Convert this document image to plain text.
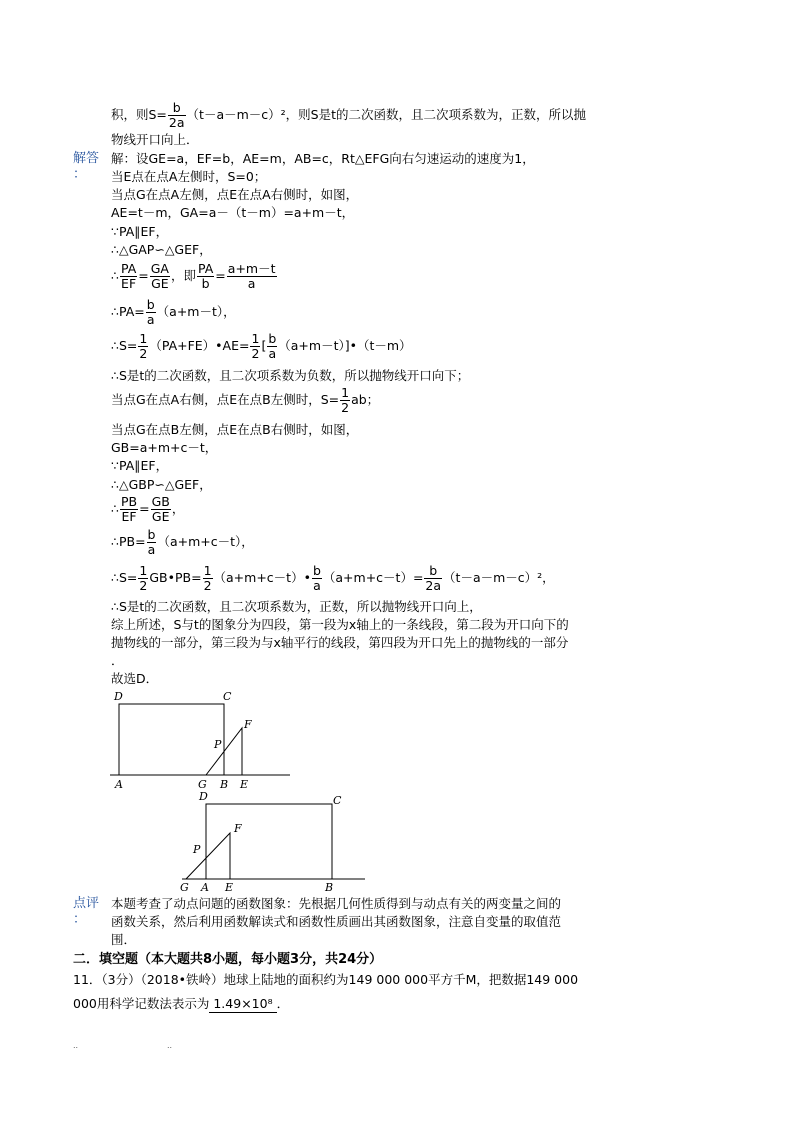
积，则$S= \frac{b}{2a} (t-a-m-c)^2$，则S是t的二次函数，且二次项系数为，正数，所以抛
物线开口向上．
解答
：
解：设GE=a，EF=b，AE=m，AB=c，Rt△EFG向右匀速运动的速度为1，
当E点在点A左侧时，S=0；
当点G在点A左侧，点E在点A右侧时，如图，
AE=t－m，GA=a－（t－m）=a+m－t，
∵PA∥EF，
∴△GAP∽△GEF，
∴ $\frac{PA}{EF} = \frac{GA}{GE}$ ，即 $\frac{PA}{b} = \frac{a+m-t}{a}$
∴PA= $\frac{b}{a} (a+m-t)$，
∴S= $\frac{1}{2}$ （PA+FE）•AE= $\frac{1}{2}$ [ $\frac{b}{a}$ （a+m－t）]•（t－m）
∴S是t的二次函数，且二次项系数为负数，所以抛物线开口向下；
当点G在点A右侧，点E在点B左侧时，$S= \frac{1}{2}$ ab；
当点G在点B左侧，点E在点B右侧时，如图，
GB=a+m+c－t，
∵PA∥EF，
∴△GBP∽△GEF，
∴ $\frac{PB}{EF} = \frac{GB}{GE}$ ，
∴PB= $\frac{b}{a} (a+m+c-t)$，
∴S= $\frac{1}{2}$ GB•PB= $\frac{1}{2}$ （a+m+c－t）• $\frac{b}{a} (a+m+c-t)= \frac{b}{2a} (t-a-m-c)^2$，
∴S是t的二次函数，且二次项系数为，正数，所以抛物线开口向上，
综上所述，S与t的图象分为四段，第一段为x轴上的一条线段，第二段为开口向下的
抛物线的一部分，第三段为与x轴平行的线段，第四段为开口先上的抛物线的一部分
．
故选D．
D	C
F
P
A	G B E
D	C
F
P
G A E	B
点评
：
本题考查了动点问题的函数图象：先根据几何性质得到与动点有关的两变量之间的
函数关系，然后利用函数解读式和函数性质画出其函数图象，注意自变量的取值范
围．
二．填空题（本大题共8小题，每小题3分，共24分）
11．（3分）（2018•铁岭）地球上陆地的面积约为149 000 000平方千M，把数据149 000
000用科学记数法表示为 1.49×10⁸ ．
..	..
